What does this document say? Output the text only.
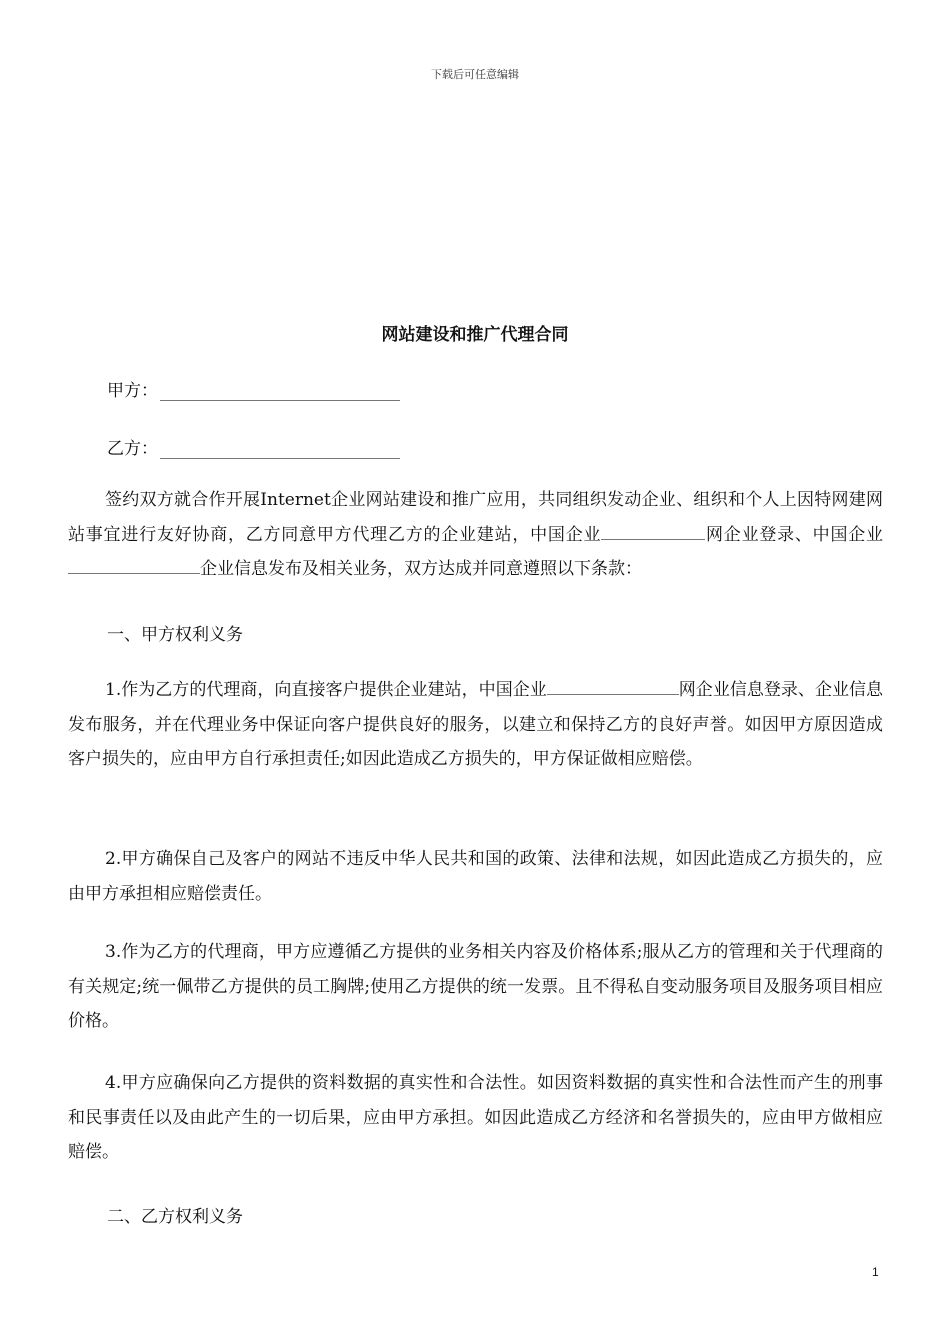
下载后可任意编辑
网站建设和推广代理合同
甲方：
乙方：

签约双方就合作开展Internet企业网站建设和推广应用，共同组织发动企业、组织和个人上因特网建网站事宜进行友好协商，乙方同意甲方代理乙方的企业建站，中国企业	网企业登录、中国企业企业信息发布及相关业务，双方达成并同意遵照以下条款：

一、甲方权利义务

1.作为乙方的代理商，向直接客户提供企业建站，中国企业	网企业信息登录、企业信息发布服务，并在代理业务中保证向客户提供良好的服务，以建立和保持乙方的良好声誉。如因甲方原因造成客户损失的，应由甲方自行承担责任;如因此造成乙方损失的，甲方保证做相应赔偿。

2.甲方确保自己及客户的网站不违反中华人民共和国的政策、法律和法规，如因此造成乙方损失的，应由甲方承担相应赔偿责任。

3.作为乙方的代理商，甲方应遵循乙方提供的业务相关内容及价格体系;服从乙方的管理和关于代理商的有关规定;统一佩带乙方提供的员工胸牌;使用乙方提供的统一发票。且不得私自变动服务项目及服务项目相应价格。

4.甲方应确保向乙方提供的资料数据的真实性和合法性。如因资料数据的真实性和合法性而产生的刑事和民事责任以及由此产生的一切后果，应由甲方承担。如因此造成乙方经济和名誉损失的，应由甲方做相应赔偿。

二、乙方权利义务
1
